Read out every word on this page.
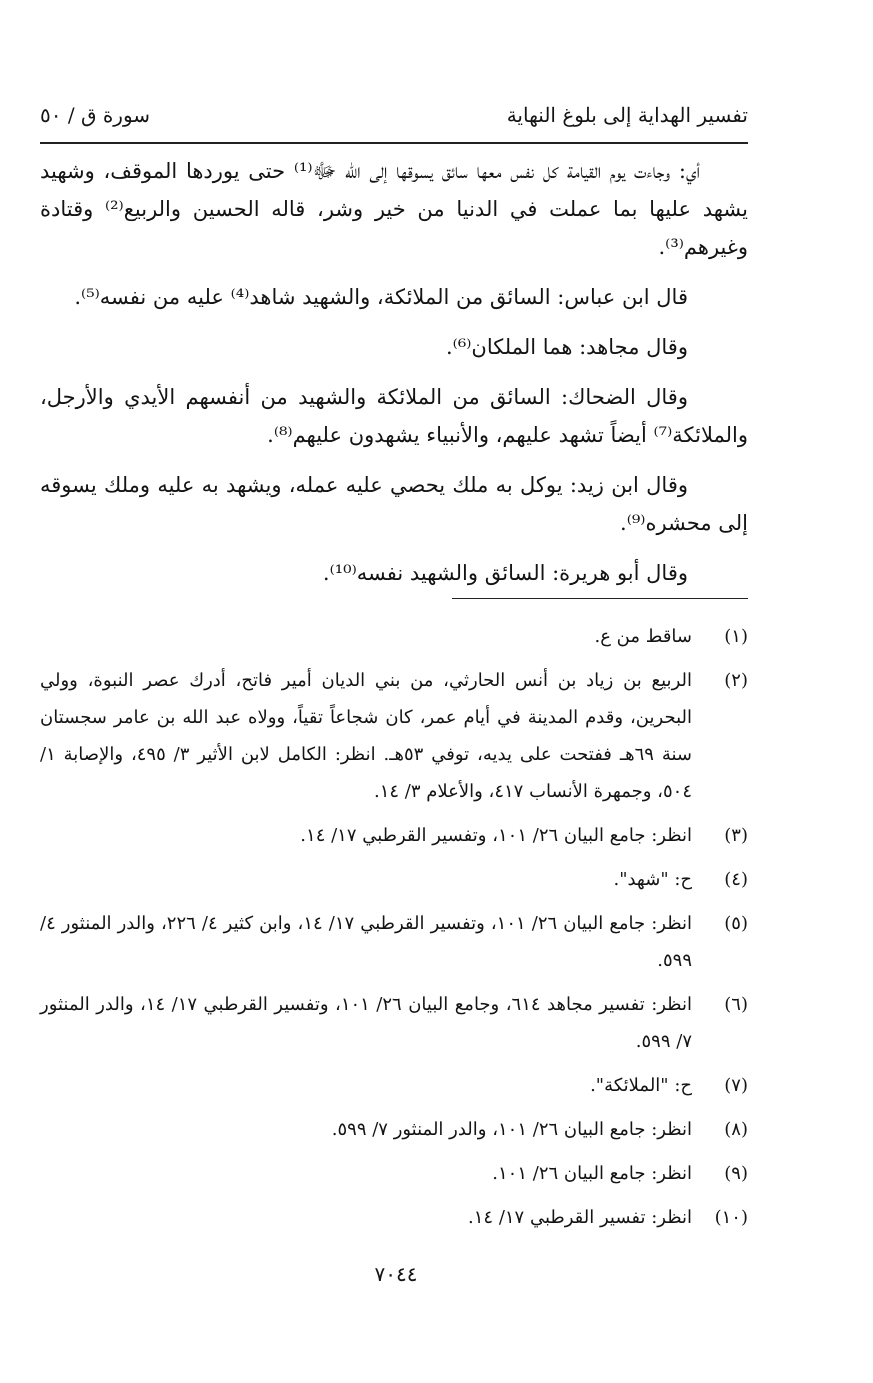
تفسير الهداية إلى بلوغ النهاية
سورة ق / ٥٠

أي: وجاءت يوم القيامة كل نفس معها سائق يسوقها إلى الله ﷻ⁽¹⁾ حتى يوردها الموقف، وشهيد يشهد عليها بما عملت في الدنيا من خير وشر، قاله الحسين والربيع⁽²⁾ وقتادة وغيرهم⁽³⁾.

قال ابن عباس: السائق من الملائكة، والشهيد شاهد⁽⁴⁾ عليه من نفسه⁽⁵⁾.

وقال مجاهد: هما الملكان⁽⁶⁾.

وقال الضحاك: السائق من الملائكة والشهيد من أنفسهم الأيدي والأرجل، والملائكة⁽⁷⁾ أيضاً تشهد عليهم، والأنبياء يشهدون عليهم⁽⁸⁾.

وقال ابن زيد: يوكل به ملك يحصي عليه عمله، ويشهد به عليه وملك يسوقه إلى محشره⁽⁹⁾.

وقال أبو هريرة: السائق والشهيد نفسه⁽¹⁰⁾.

(١)
ساقط من ع.
(٢)
الربيع بن زياد بن أنس الحارثي، من بني الديان أمير فاتح، أدرك عصر النبوة، وولي البحرين، وقدم المدينة في أيام عمر، كان شجاعاً تقياً، وولاه عبد الله بن عامر سجستان سنة ٦٩هـ ففتحت على يديه، توفي ٥٣هـ. انظر: الكامل لابن الأثير ٣/ ٤٩٥، والإصابة ١/ ٥٠٤، وجمهرة الأنساب ٤١٧، والأعلام ٣/ ١٤.
(٣)
انظر: جامع البيان ٢٦/ ١٠١، وتفسير القرطبي ١٧/ ١٤.
(٤)
ح: "شهد".
(٥)
انظر: جامع البيان ٢٦/ ١٠١، وتفسير القرطبي ١٧/ ١٤، وابن كثير ٤/ ٢٢٦، والدر المنثور ٤/ ٥٩٩.
(٦)
انظر: تفسير مجاهد ٦١٤، وجامع البيان ٢٦/ ١٠١، وتفسير القرطبي ١٧/ ١٤، والدر المنثور ٧/ ٥٩٩.
(٧)
ح: "الملائكة".
(٨)
انظر: جامع البيان ٢٦/ ١٠١، والدر المنثور ٧/ ٥٩٩.
(٩)
انظر: جامع البيان ٢٦/ ١٠١.
(١٠)
انظر: تفسير القرطبي ١٧/ ١٤.
٧٠٤٤
